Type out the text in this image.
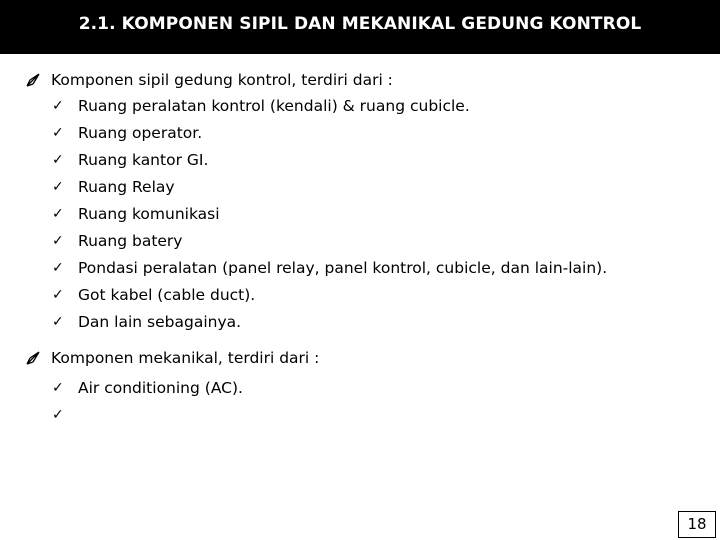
2.1. KOMPONEN SIPIL DAN MEKANIKAL GEDUNG KONTROL
Komponen sipil gedung kontrol, terdiri dari :
✓ Ruang peralatan kontrol (kendali) & ruang cubicle.
✓ Ruang operator.
✓ Ruang kantor GI.
✓ Ruang Relay
✓ Ruang komunikasi
✓ Ruang batery
✓ Pondasi peralatan (panel relay, panel kontrol, cubicle, dan lain-lain).
✓ Got kabel (cable duct).
✓ Dan lain sebagainya.
Komponen mekanikal, terdiri dari :
✓ Air conditioning (AC).
✓
18
